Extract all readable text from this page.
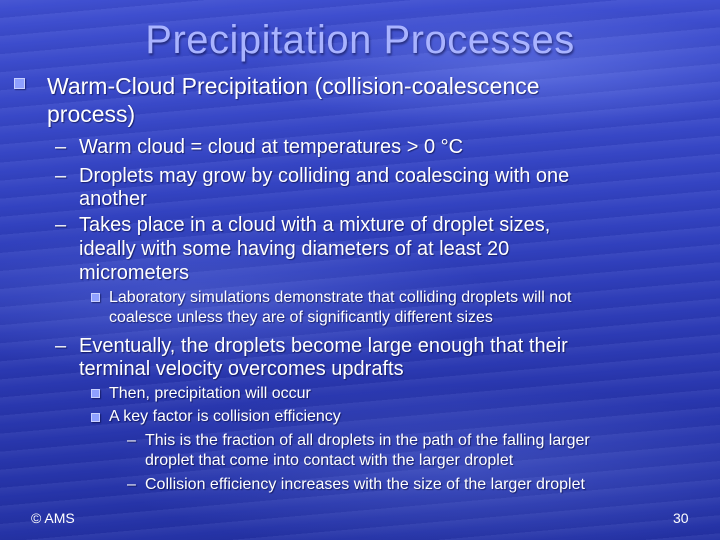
Precipitation Processes
Warm-Cloud Precipitation (collision-coalescence
process)
– Warm cloud = cloud at temperatures > 0 °C
– Droplets may grow by colliding and coalescing with one
another
– Takes place in a cloud with a mixture of droplet sizes,
ideally with some having diameters of at least 20
micrometers
Laboratory simulations demonstrate that colliding droplets will not
coalesce unless they are of significantly different sizes
– Eventually, the droplets become large enough that their
terminal velocity overcomes updrafts
Then, precipitation will occur
A key factor is collision efficiency
– This is the fraction of all droplets in the path of the falling larger
droplet that come into contact with the larger droplet
– Collision efficiency increases with the size of the larger droplet
© AMS	30
